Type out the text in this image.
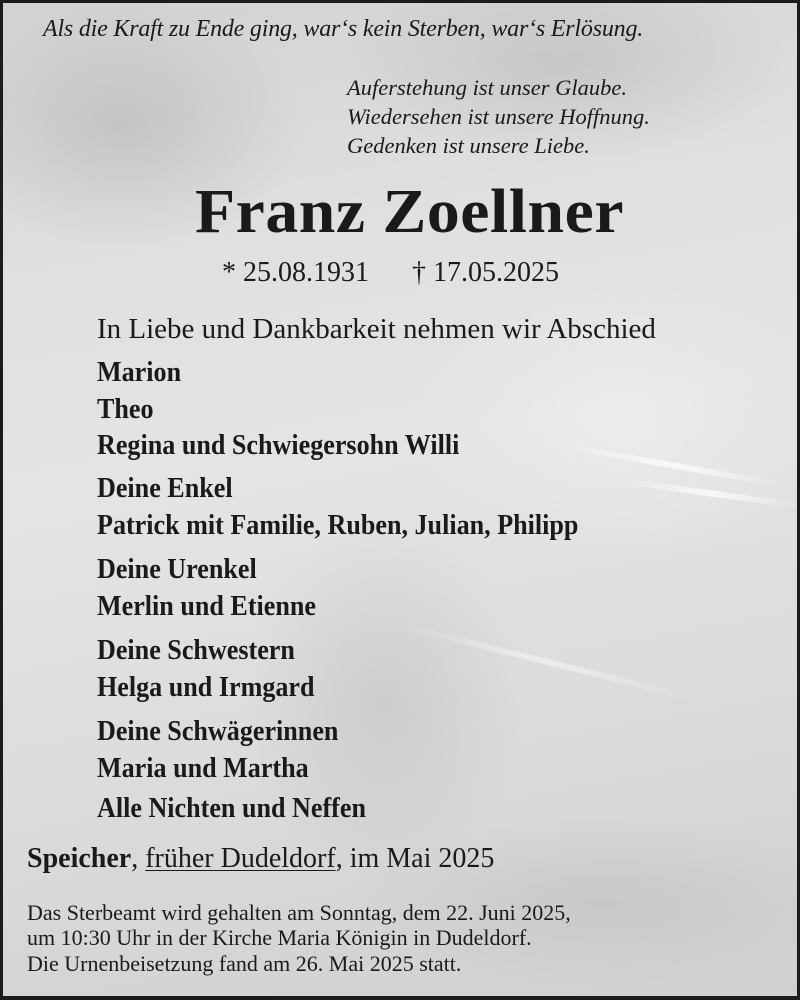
Als die Kraft zu Ende ging, war‘s kein Sterben, war‘s Erlösung.

Auferstehung ist unser Glaube.

Wiedersehen ist unsere Hoffnung.

Gedenken ist unsere Liebe.

Franz Zoellner
* 25.08.1931 † 17.05.2025

In Liebe und Dankbarkeit nehmen wir Abschied

Marion

Theo

Regina und Schwiegersohn Willi

Deine Enkel

Patrick mit Familie, Ruben, Julian, Philipp

Deine Urenkel

Merlin und Etienne

Deine Schwestern

Helga und Irmgard

Deine Schwägerinnen

Maria und Martha

Alle Nichten und Neffen

Speicher, früher Dudeldorf, im Mai 2025

Das Sterbeamt wird gehalten am Sonntag, dem 22. Juni 2025,

um 10:30 Uhr in der Kirche Maria Königin in Dudeldorf.

Die Urnenbeisetzung fand am 26. Mai 2025 statt.
